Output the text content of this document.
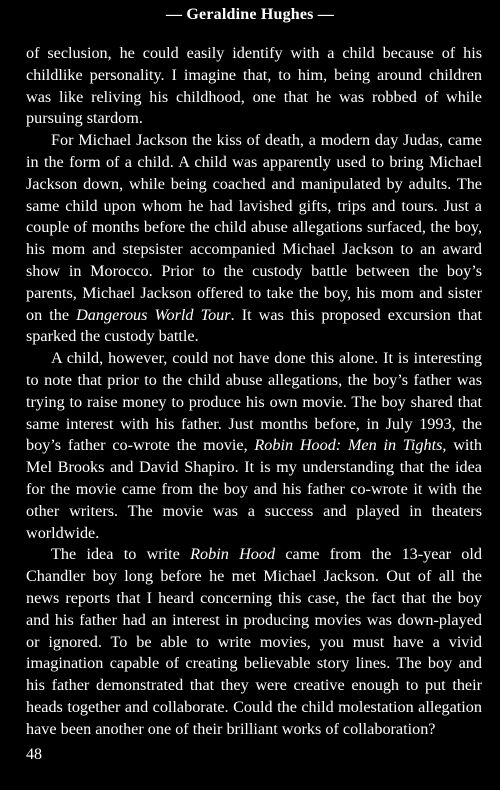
— Geraldine Hughes —

of seclusion, he could easily identify with a child because of his childlike personality. I imagine that, to him, being around children was like reliving his childhood, one that he was robbed of while pursuing stardom.

For Michael Jackson the kiss of death, a modern day Judas, came in the form of a child. A child was apparently used to bring Michael Jackson down, while being coached and manipulated by adults. The same child upon whom he had lavished gifts, trips and tours. Just a couple of months before the child abuse allegations surfaced, the boy, his mom and stepsister accompanied Michael Jackson to an award show in Morocco. Prior to the custody battle between the boy’s parents, Michael Jackson offered to take the boy, his mom and sister on the Dangerous World Tour. It was this proposed excursion that sparked the custody battle.

A child, however, could not have done this alone. It is interesting to note that prior to the child abuse allegations, the boy’s father was trying to raise money to produce his own movie. The boy shared that same interest with his father. Just months before, in July 1993, the boy’s father co-wrote the movie, Robin Hood: Men in Tights, with Mel Brooks and David Shapiro. It is my understanding that the idea for the movie came from the boy and his father co-wrote it with the other writers. The movie was a success and played in theaters worldwide.

The idea to write Robin Hood came from the 13-year old Chandler boy long before he met Michael Jackson. Out of all the news reports that I heard concerning this case, the fact that the boy and his father had an interest in producing movies was down-played or ignored. To be able to write movies, you must have a vivid imagination capable of creating believable story lines. The boy and his father demonstrated that they were creative enough to put their heads together and collaborate. Could the child molestation allegation have been another one of their brilliant works of collaboration?

48
